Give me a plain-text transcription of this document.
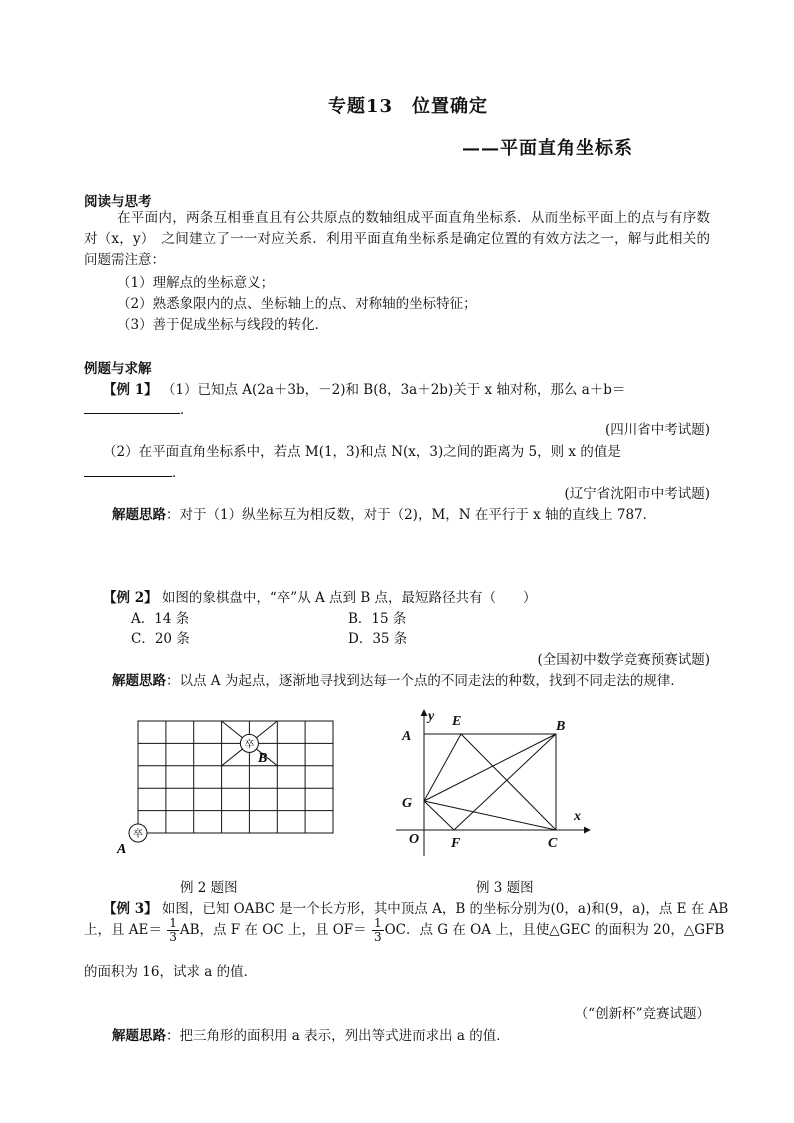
专题13　位置确定
——平面直角坐标系
阅读与思考
在平面内，两条互相垂直且有公共原点的数轴组成平面直角坐标系．从而坐标平面上的点与有序数对（x，y）　之间建立了一一对应关系．利用平面直角坐标系是确定位置的有效方法之一，解与此相关的问题需注意：
（1）理解点的坐标意义；
（2）熟悉象限内的点、坐标轴上的点、对称轴的坐标特征；
（3）善于促成坐标与线段的转化．
例题与求解
【例 1】 （1）已知点 A(2a＋3b，－2)和 B(8，3a＋2b)关于 x 轴对称，那么 a＋b＝
．
(四川省中考试题)
（2）在平面直角坐标系中，若点 M(1，3)和点 N(x，3)之间的距离为 5，则 x 的值是
．
(辽宁省沈阳市中考试题)
解题思路：对于（1）纵坐标互为相反数，对于（2)，M，N 在平行于 x 轴的直线上 787．
【例 2】 如图的象棋盘中，“卒”从 A 点到 B 点，最短路径共有（　　）
A．14 条	B．15 条
C．20 条	D．35 条
(全国初中数学竞赛预赛试题)
解题思路：以点 A 为起点，逐渐地寻找到达每一个点的不同走法的种数，找到不同走法的规律．
卒
B
卒
A
例 2 题图
y
x
A
B
E
G
O F	C
例 3 题图
【例 3】 如图，已知 OABC 是一个长方形，其中顶点 A，B 的坐标分别为(0，a)和(9，a)，点 E 在 AB
上，且 $AE= \frac{1}{3}$ AB，点 F 在 OC 上，且 $OF= \frac{1}{3}$ OC．点 G 在 OA 上，且使△GEC 的面积为 20，△GFB
的面积为 16，试求 a 的值．
（“创新杯”竞赛试题）
解题思路：把三角形的面积用 a 表示，列出等式进而求出 a 的值．
